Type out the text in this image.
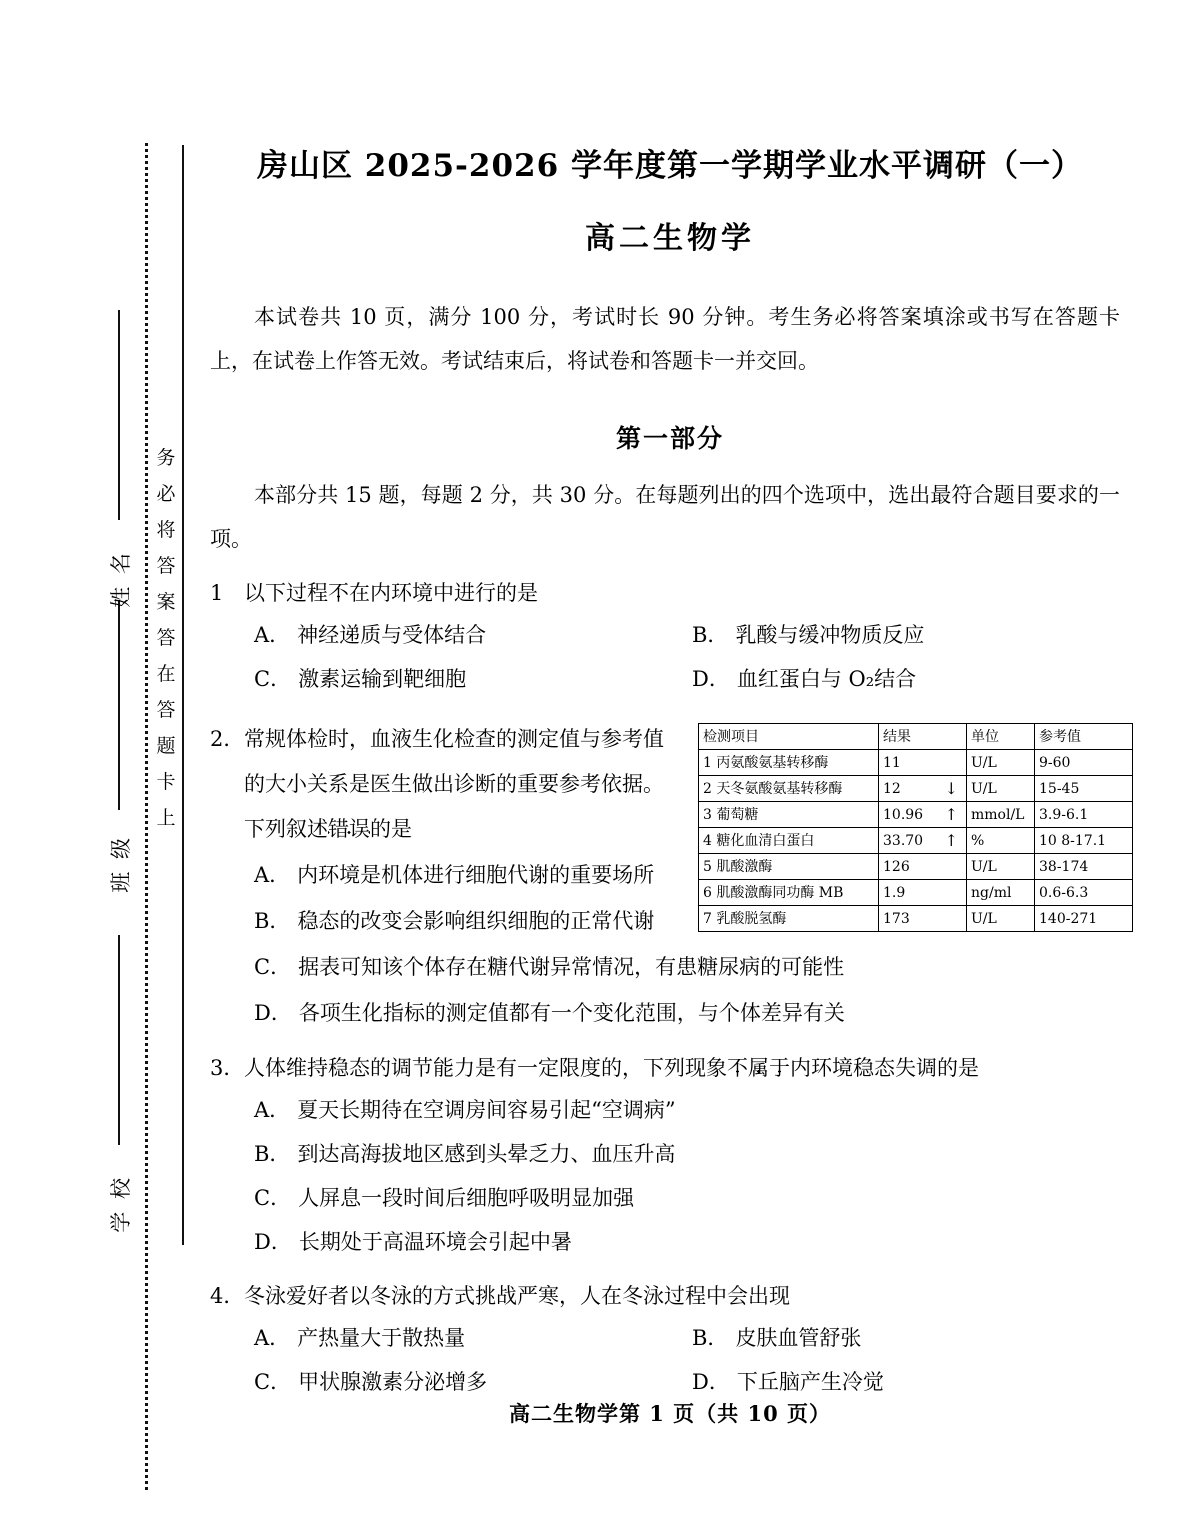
姓 名
班 级
学 校
务
必
将
答
案
答
在
答
题
卡
上
房山区 2025-2026 学年度第一学期学业水平调研（一）
高二生物学
本试卷共 10 页，满分 100 分，考试时长 90 分钟。考生务必将答案填涂或书写在答题卡上，在试卷上作答无效。考试结束后，将试卷和答题卡一并交回。
第一部分
本部分共 15 题，每题 2 分，共 30 分。在每题列出的四个选项中，选出最符合题目要求的一项。
1 以下过程不在内环境中进行的是
A． 神经递质与受体结合	B． 乳酸与缓冲物质反应
C． 激素运输到靶细胞	D． 血红蛋白与 O₂结合
2． 常规体检时，血液生化检查的测定值与参考值的大小关系是医生做出诊断的重要参考依据。下列叙述错误的是
A． 内环境是机体进行细胞代谢的重要场所
B． 稳态的改变会影响组织细胞的正常代谢
检测项目	结果	单位	参考值
1 丙氨酸氨基转移酶	11	U/L	9-60
2 天冬氨酸氨基转移酶	12 ↓	U/L	15-45
3 葡萄糖	10.96 ↑	mmol/L	3.9-6.1
4 糖化血清白蛋白	33.70 ↑	%	10 8-17.1
5 肌酸激酶	126	U/L	38-174
6 肌酸激酶同功酶 MB	1.9	ng/ml	0.6-6.3
7 乳酸脱氢酶	173	U/L	140-271
C． 据表可知该个体存在糖代谢异常情况，有患糖尿病的可能性
D． 各项生化指标的测定值都有一个变化范围，与个体差异有关
3． 人体维持稳态的调节能力是有一定限度的，下列现象不属于内环境稳态失调的是
A． 夏天长期待在空调房间容易引起“空调病”
B． 到达高海拔地区感到头晕乏力、血压升高
C． 人屏息一段时间后细胞呼吸明显加强
D． 长期处于高温环境会引起中暑
4． 冬泳爱好者以冬泳的方式挑战严寒，人在冬泳过程中会出现
A． 产热量大于散热量	B． 皮肤血管舒张
C． 甲状腺激素分泌增多	D． 下丘脑产生冷觉
高二生物学第 1 页（共 10 页）
